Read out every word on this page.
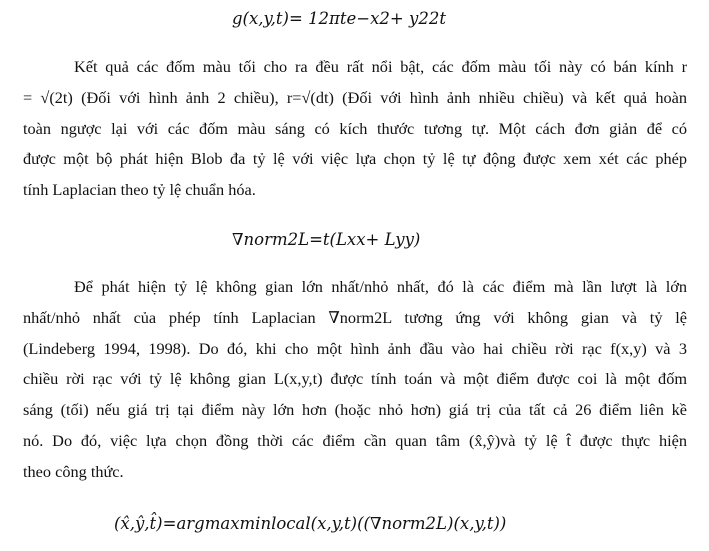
g(x,y,t)= 12πte−x2+ y22t
Kết quả các đốm màu tối cho ra đều rất nổi bật, các đốm màu tối này có bán kính r
= √(2t) (Đối với hình ảnh 2 chiều), r=√(dt) (Đối với hình ảnh nhiều chiều) và kết quả hoàn
toàn ngược lại với các đốm màu sáng có kích thước tương tự. Một cách đơn giản để có
được một bộ phát hiện Blob đa tỷ lệ với việc lựa chọn tỷ lệ tự động được xem xét các phép
tính Laplacian theo tỷ lệ chuẩn hóa.
∇norm2L=t(Lxx+ Lyy)
Để phát hiện tỷ lệ không gian lớn nhất/nhỏ nhất, đó là các điểm mà lần lượt là lớn
nhất/nhỏ nhất của phép tính Laplacian ∇norm2L tương ứng với không gian và tỷ lệ
(Lindeberg 1994, 1998). Do đó, khi cho một hình ảnh đầu vào hai chiều rời rạc f(x,y) và 3
chiều rời rạc với tỷ lệ không gian L(x,y,t) được tính toán và một điểm được coi là một đốm
sáng (tối) nếu giá trị tại điểm này lớn hơn (hoặc nhỏ hơn) giá trị của tất cả 26 điểm liên kề
nó. Do đó, việc lựa chọn đồng thời các điểm cần quan tâm (x̂,ŷ)và tỷ lệ t̂ được thực hiện
theo công thức.
(x̂,ŷ,t̂)=argmaxminlocal(x,y,t)((∇norm2L)(x,y,t))
